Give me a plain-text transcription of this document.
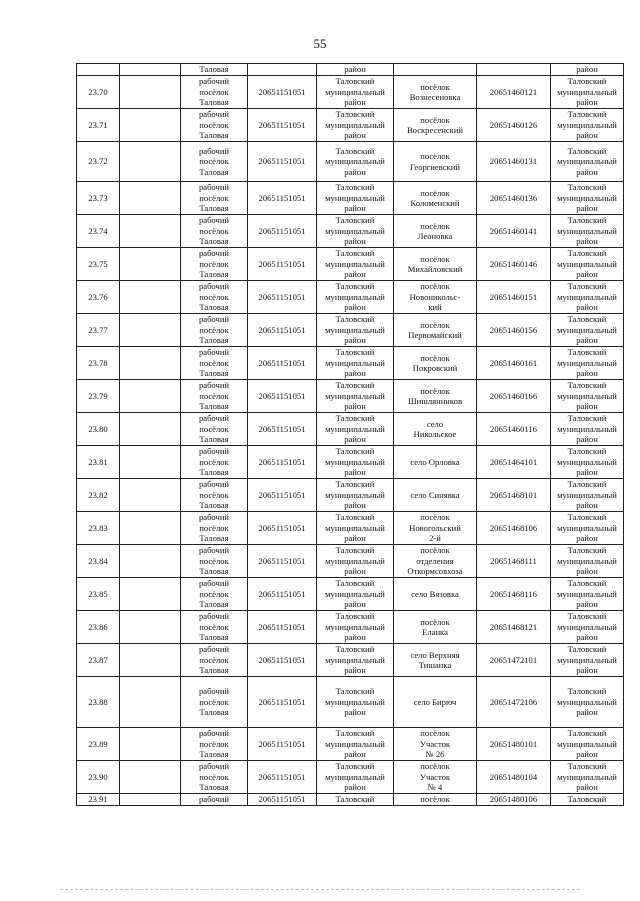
55

		Таловая		район			район

23.70		рабочий
посёлок
Таловая	20651151051	Таловский
муниципальный
район	посёлок
Вознесеновка	20651460121	Таловский
муниципальный
район

23.71		рабочий
посёлок
Таловая	20651151051	Таловский
муниципальный
район	посёлок
Воскресенский	20651460126	Таловский
муниципальный
район

23.72		рабочий
посёлок
Таловая	20651151051	Таловский
муниципальный
район	посёлок
Георгиевский	20651460131	Таловский
муниципальный
район

23.73		рабочий
посёлок
Таловая	20651151051	Таловский
муниципальный
район	посёлок
Коломенский	20651460136	Таловский
муниципальный
район

23.74		рабочий
посёлок
Таловая	20651151051	Таловский
муниципальный
район	посёлок
Леоновка	20651460141	Таловский
муниципальный
район

23.75		рабочий
посёлок
Таловая	20651151051	Таловский
муниципальный
район	посёлок
Михайловский	20651460146	Таловский
муниципальный
район

23.76		рабочий
посёлок
Таловая	20651151051	Таловский
муниципальный
район	посёлок
Новоникольс-
кий	20651460151	Таловский
муниципальный
район

23.77		рабочий
посёлок
Таловая	20651151051	Таловский
муниципальный
район	посёлок
Первомайский	20651460156	Таловский
муниципальный
район

23.78		рабочий
посёлок
Таловая	20651151051	Таловский
муниципальный
район	посёлок
Покровский	20651460161	Таловский
муниципальный
район

23.79		рабочий
посёлок
Таловая	20651151051	Таловский
муниципальный
район	посёлок
Шишлянников	20651460166	Таловский
муниципальный
район

23.80		рабочий
посёлок
Таловая	20651151051	Таловский
муниципальный
район	село
Никольское	20651460116	Таловский
муниципальный
район

23.81		рабочий
посёлок
Таловая	20651151051	Таловский
муниципальный
район	село Орловка	20651464101	Таловский
муниципальный
район

23.82		рабочий
посёлок
Таловая	20651151051	Таловский
муниципальный
район	село Синявка	20651468101	Таловский
муниципальный
район

23.83		рабочий
посёлок
Таловая	20651151051	Таловский
муниципальный
район	посёлок
Новогольский
2-й	20651468106	Таловский
муниципальный
район

23.84		рабочий
посёлок
Таловая	20651151051	Таловский
муниципальный
район	посёлок
отделения
Откормсовхоза	20651468111	Таловский
муниципальный
район

23.85		рабочий
посёлок
Таловая	20651151051	Таловский
муниципальный
район	село Вязовка	20651468116	Таловский
муниципальный
район

23.86		рабочий
посёлок
Таловая	20651151051	Таловский
муниципальный
район	посёлок
Еланка	20651468121	Таловский
муниципальный
район

23.87		рабочий
посёлок
Таловая	20651151051	Таловский
муниципальный
район	село Верхняя
Тишанка	20651472101	Таловский
муниципальный
район

23.88		рабочий
посёлок
Таловая	20651151051	Таловский
муниципальный
район	село Бирюч	20651472106	Таловский
муниципальный
район

23.89		рабочий
посёлок
Таловая	20651151051	Таловский
муниципальный
район	посёлок
Участок
№ 26	20651480101	Таловский
муниципальный
район

23.90		рабочий
посёлок
Таловая	20651151051	Таловский
муниципальный
район	посёлок
Участок
№ 4	20651480104	Таловский
муниципальный
район

23.91		рабочий	20651151051	Таловский	посёлок	20651480106	Таловский
